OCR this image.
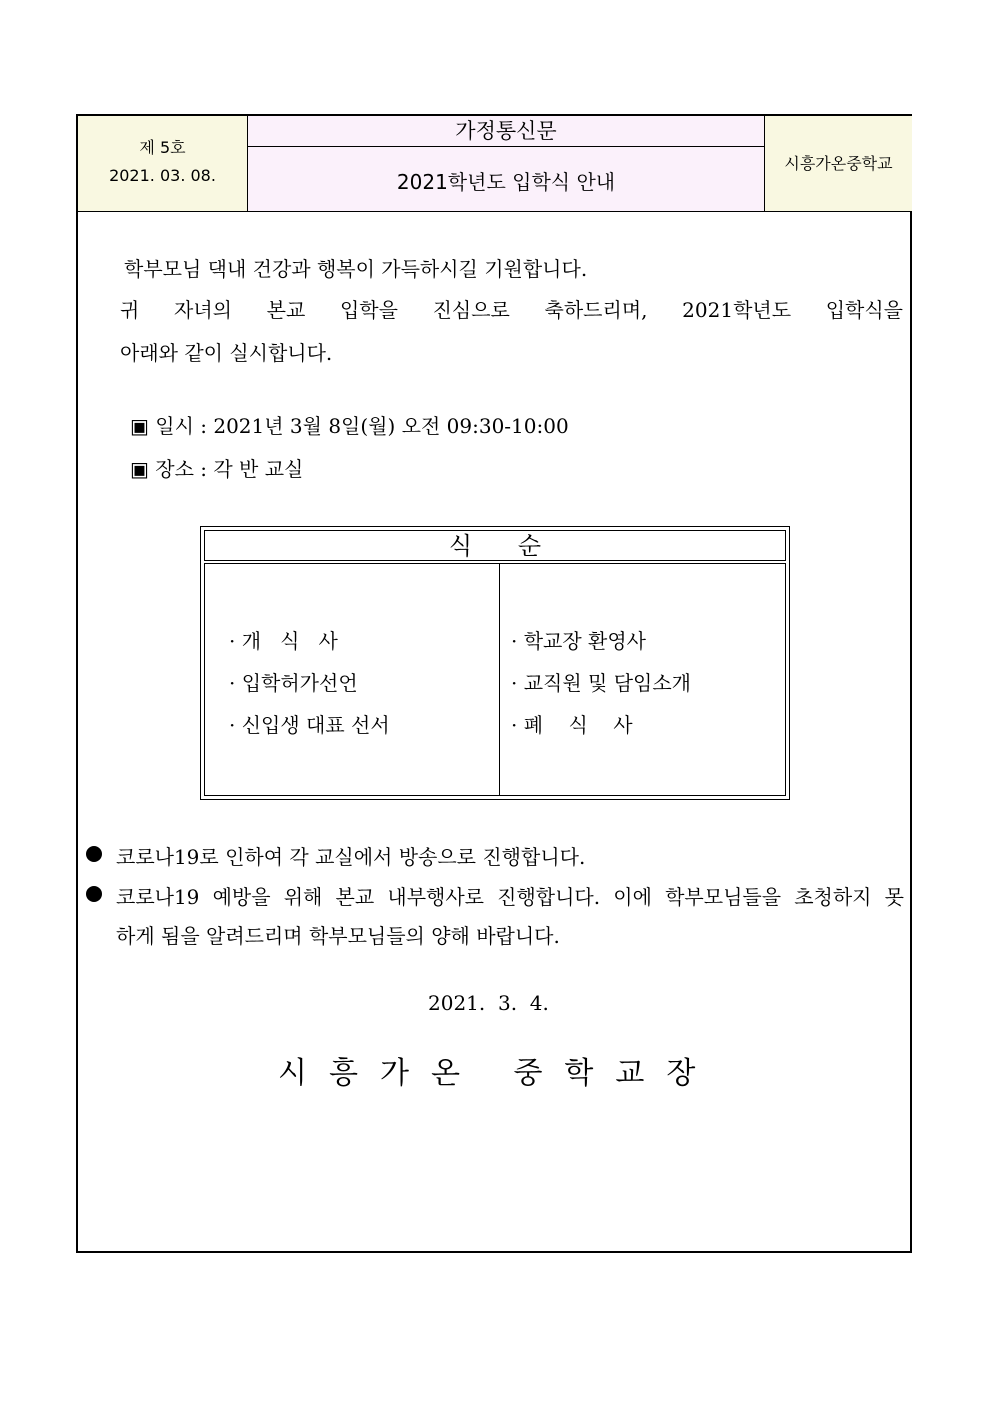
제 5호
2021. 03. 08.
가정통신문
2021학년도 입학식 안내
시흥가온중학교
학부모님 댁내 건강과 행복이 가득하시길 기원합니다.
귀 자녀의 본교 입학을 진심으로 축하드리며, 2021학년도 입학식을
아래와 같이 실시합니다.
▣ 일시 : 2021년 3월 8일(월) 오전 09:30-10:00
▣ 장소 : 각 반 교실
식      순
· 개   식   사
· 입학허가선언
· 신입생 대표 선서
· 학교장 환영사
· 교직원 및 담임소개
· 폐    식    사
코로나19로 인하여 각 교실에서 방송으로 진행합니다.
코로나19 예방을 위해 본교 내부행사로 진행합니다. 이에 학부모님들을 초청하지 못
하게 됨을 알려드리며 학부모님들의 양해 바랍니다.
2021.  3.  4.
시흥가온 중학교장
